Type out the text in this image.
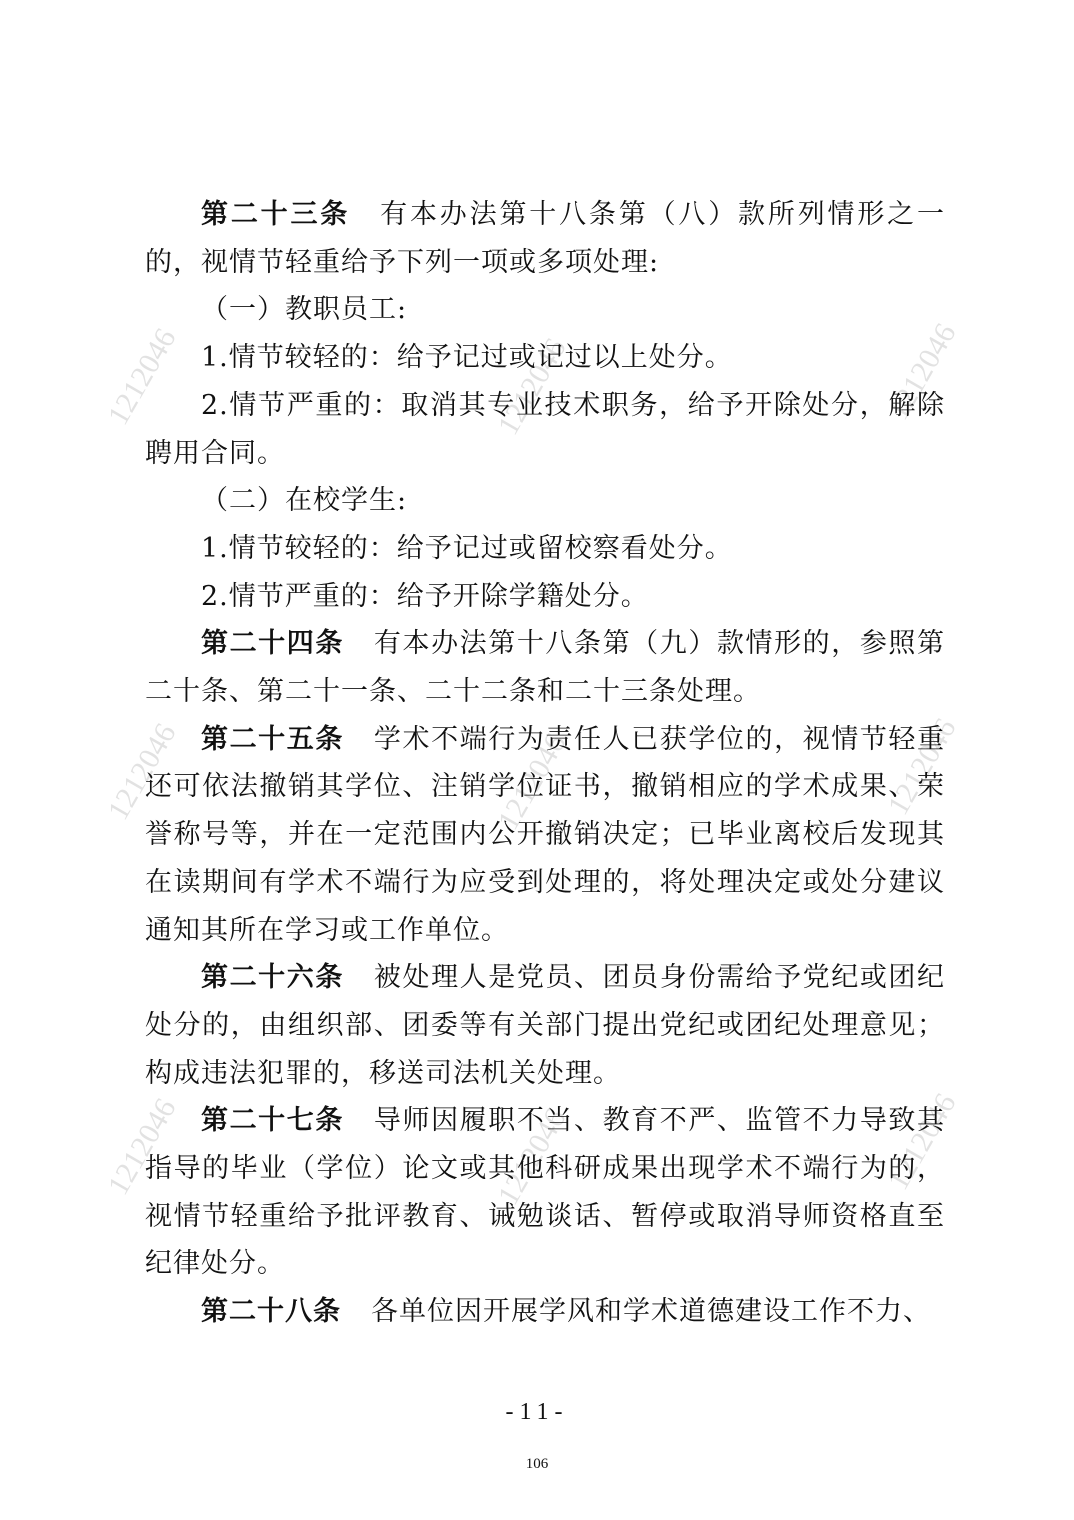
1212046	1212046	1212046
1212046	1212046	1212046
1212046	1212046	1212046

第二十三条 有本办法第十八条第（八）款所列情形之一的，视情节轻重给予下列一项或多项处理:

（一）教职员工:

1.情节较轻的：给予记过或记过以上处分。

2.情节严重的：取消其专业技术职务，给予开除处分，解除聘用合同。

（二）在校学生:

1.情节较轻的：给予记过或留校察看处分。

2.情节严重的：给予开除学籍处分。

第二十四条 有本办法第十八条第（九）款情形的，参照第二十条、第二十一条、二十二条和二十三条处理。

第二十五条 学术不端行为责任人已获学位的，视情节轻重还可依法撤销其学位、注销学位证书，撤销相应的学术成果、荣誉称号等，并在一定范围内公开撤销决定；已毕业离校后发现其在读期间有学术不端行为应受到处理的，将处理决定或处分建议通知其所在学习或工作单位。

第二十六条 被处理人是党员、团员身份需给予党纪或团纪处分的，由组织部、团委等有关部门提出党纪或团纪处理意见；构成违法犯罪的，移送司法机关处理。

第二十七条 导师因履职不当、教育不严、监管不力导致其指导的毕业（学位）论文或其他科研成果出现学术不端行为的，视情节轻重给予批评教育、诫勉谈话、暂停或取消导师资格直至纪律处分。

第二十八条 各单位因开展学风和学术道德建设工作不力、

-11-
106
